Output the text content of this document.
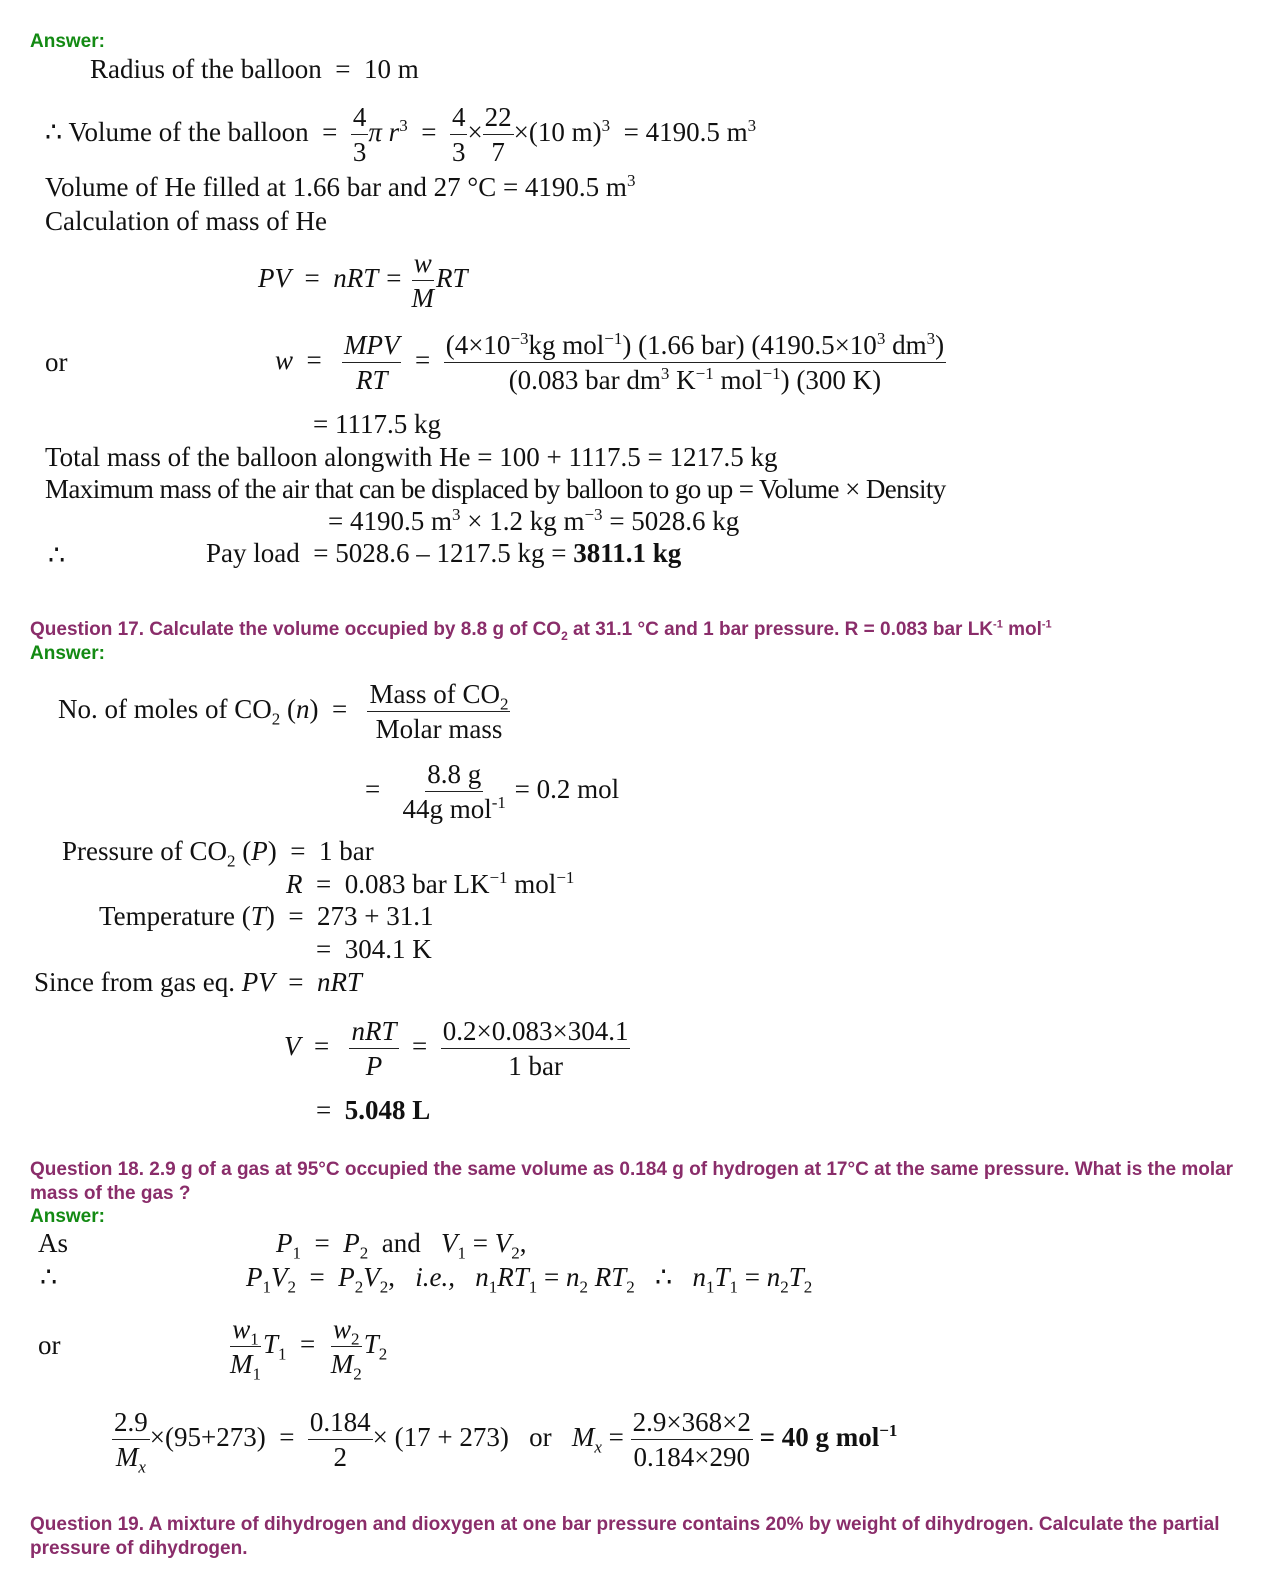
Answer:
Radius of the balloon = 10 m
∴ Volume of the balloon = $\frac{4}{3}$ π $r^3 = \frac{4}{3} \times \frac{22}{7} \times(10$ m)$^3$ = 4190.5 $m^3$
Volume of He filled at 1.66 bar and 27 °C = 4190.5 $m^3$
Calculation of mass of He
PV = nRT = $\frac{w}{M}$ RT
or	$w = \frac{\text{MPV}}{RT} = \frac{(4\times 10^{-3}kg mol^{-1}) (1.66 bar) (4190.5\times 10^3 dm^3)}{(0.083 bar dm^3 K^{-1} mol^{-1}) (300 K)}$
= 1117.5 kg
Total mass of the balloon alongwith He = 100 + 1117.5 = 1217.5 kg
Maximum mass of the air that can be displaced by balloon to go up = Volume × Density
= 4190.5 $m^3 \times 1.2$ kg $m^{-3} = 5028.6$ kg
∴	Pay load = 5028.6 – 1217.5 kg = 3811.1 kg
Question 17. Calculate the volume occupied by 8.8 g of $CO_2$ at 31.1 °C and 1 bar pressure. R = 0.083 bar $LK^{-1}$ mol$^{-1}$
Answer:
No. of moles of $CO_2$ $(n) = \frac{Mass of CO_2}{\text{Molar mass}}$
= $\frac{8.8 g}{44g mol^{-1}} = 0.2$ mol
Pressure of $CO_2$ (P)  = 1 bar
R = 0.083 bar $LK^{-1}$ mol$^{-1}$
Temperature (T)  = 273 + 31.1
= 304.1 K
Since from gas eq. PV = nRT
$V = \frac{\text{nRT}}{P} = \frac{0.2\times 0.083\times 304.1}{\text{1 bar}}$
= 5.048 L
Question 18. 2.9 g of a gas at 95°C occupied the same volume as 0.184 g of hydrogen at 17°C at the same pressure. What is the molar mass of the gas ?
Answer:
As	$P_1 = P_2$ and $V_1 = V_2$,
∴	$P_1V_2 = P_2V_2$,   i.e., $n_1RT_1 = n_2$ $RT_2$ ∴ $n_1T_1 = n_2T_2$
or	$\frac{w_1}{M_1} T_1 = \frac{w_2}{M_2} T_2$
$\frac{2.9}{M_x} \times(95+273) = \frac{0.184}{2} \times (17 + 273)$ or $M_x = \frac{2.9\times 368\times 2}{0.184\times 290} = 40$ g mol$^{-1}$
Question 19. A mixture of dihydrogen and dioxygen at one bar pressure contains 20% by weight of dihydrogen. Calculate the partial pressure of dihydrogen.
